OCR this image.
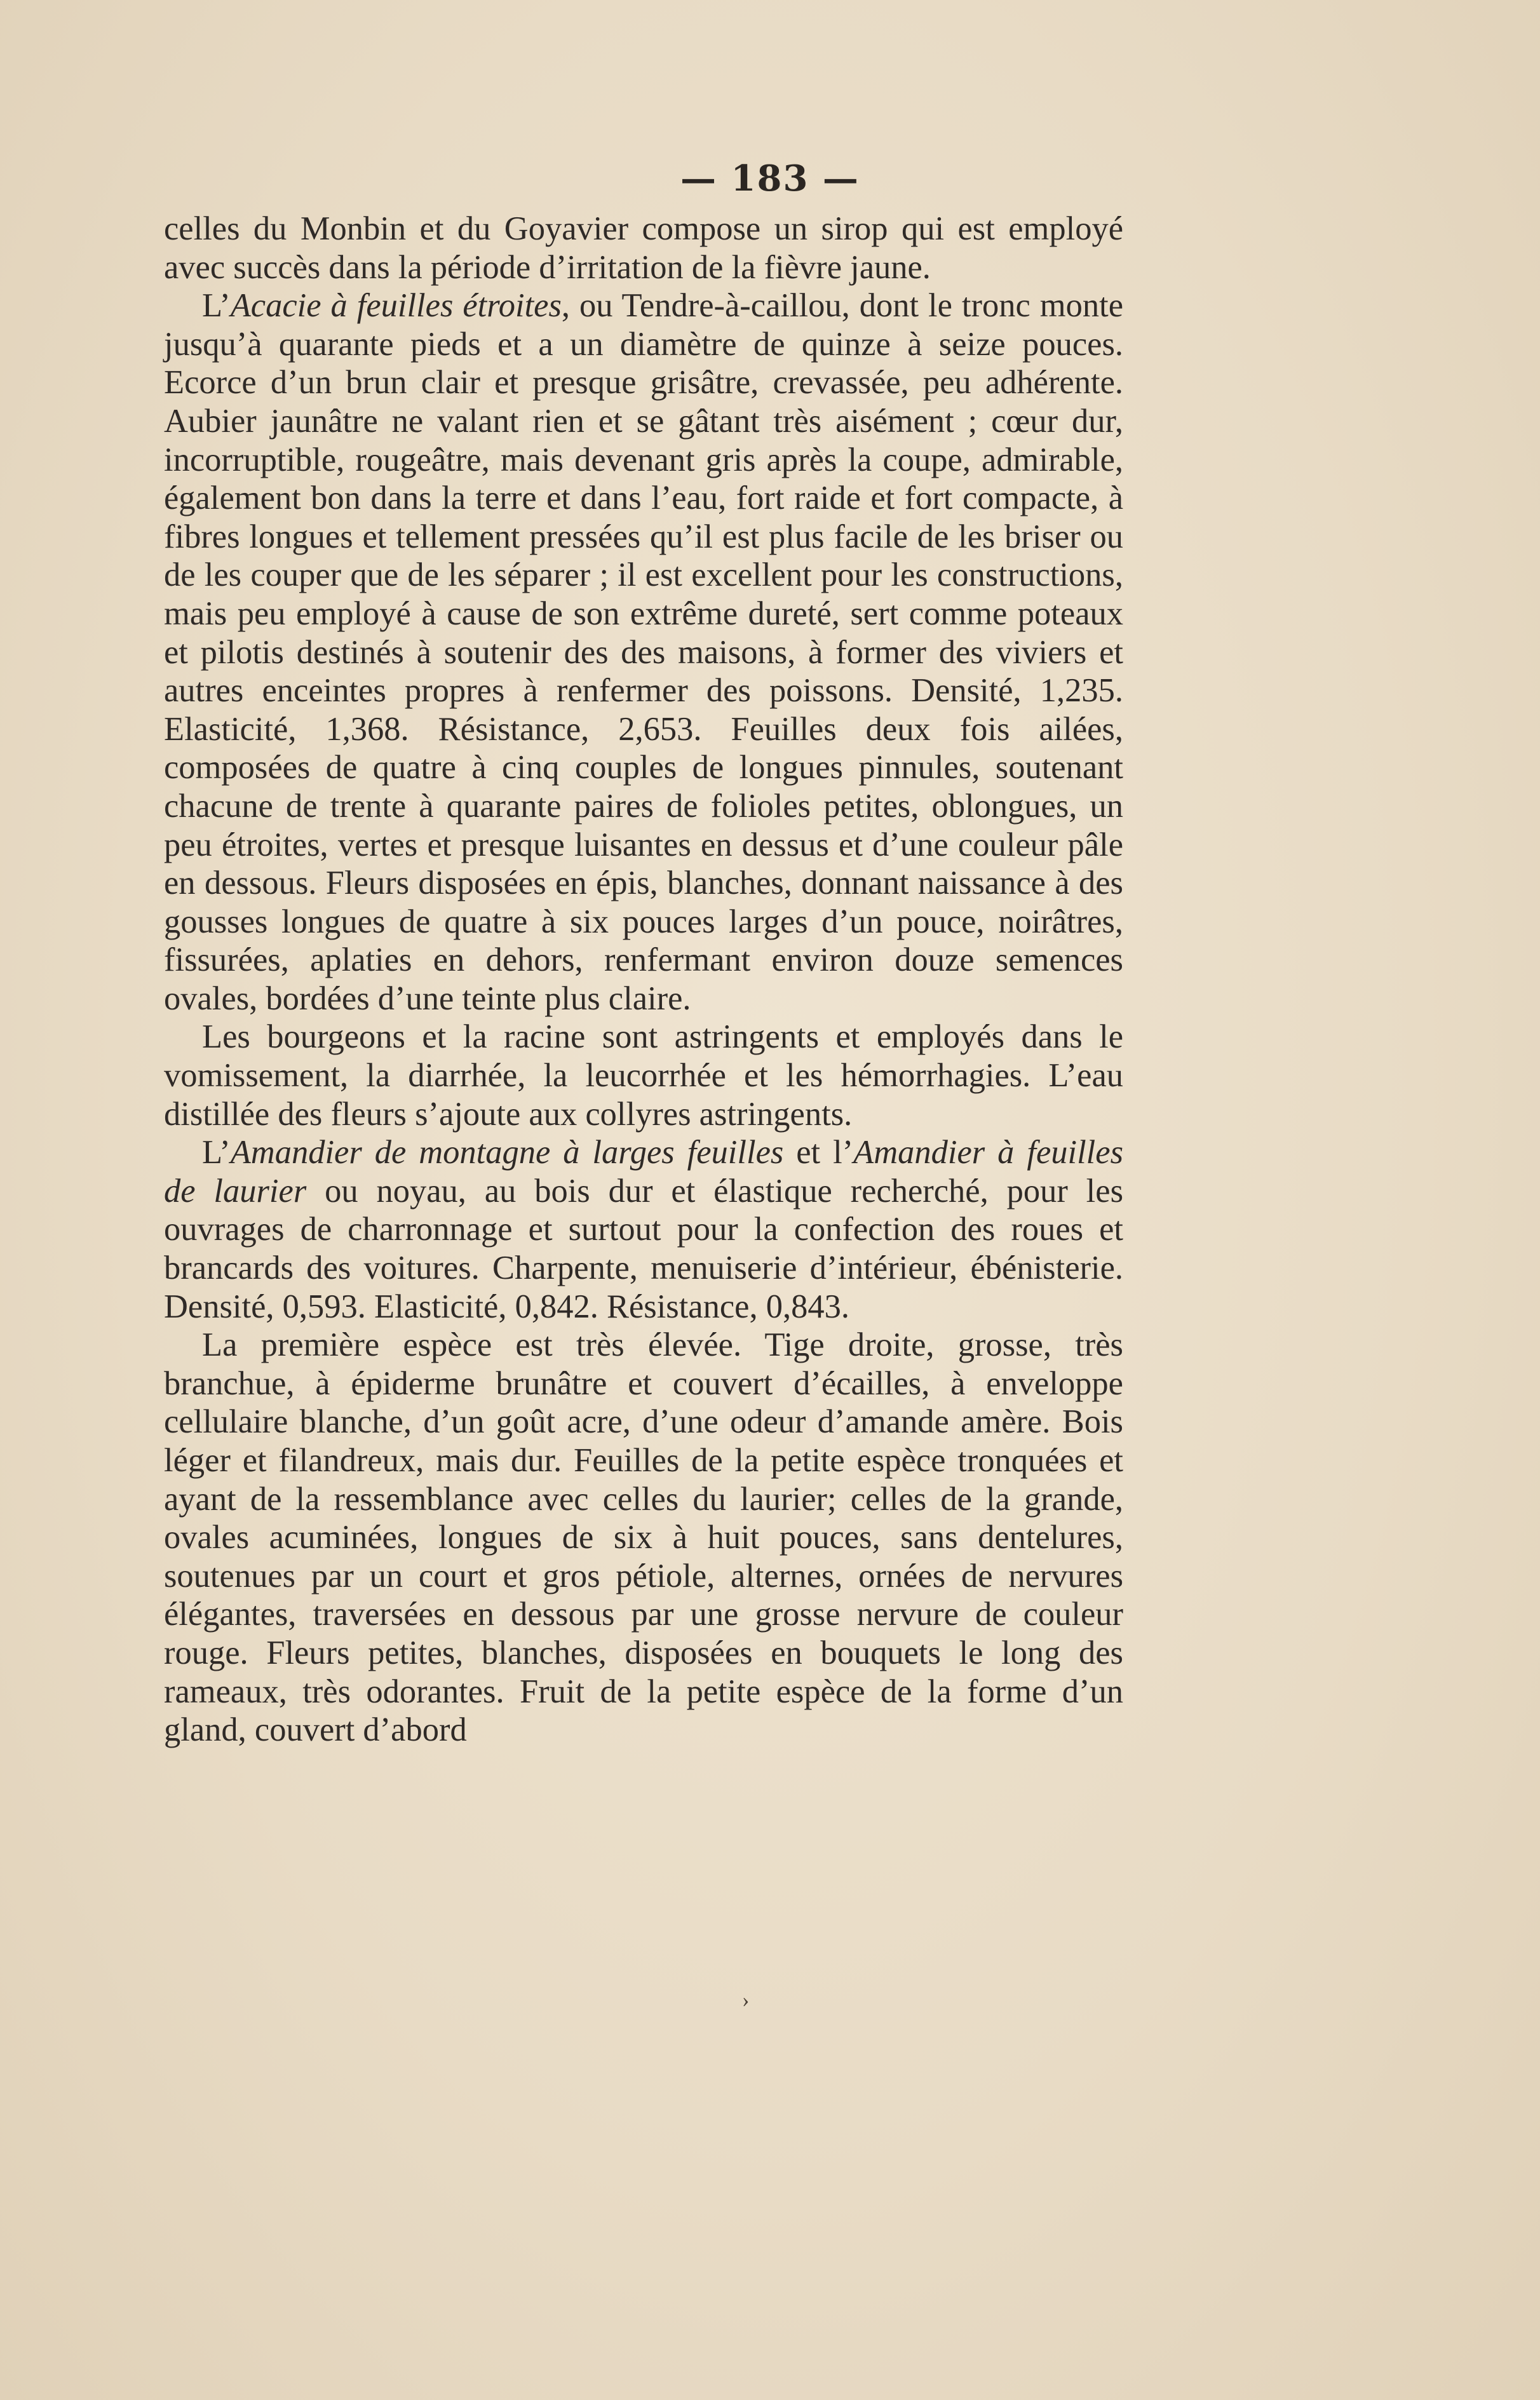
— 183 —

celles du Monbin et du Goyavier compose un sirop qui est employé avec succès dans la période d’irritation de la fièvre jaune.

L’Acacie à feuilles étroites, ou Tendre-à-caillou, dont le tronc monte jusqu’à quarante pieds et a un diamètre de quinze à seize pouces. Ecorce d’un brun clair et presque grisâtre, crevassée, peu adhérente. Aubier jaunâtre ne valant rien et se gâtant très aisément ; cœur dur, incorruptible, rougeâtre, mais devenant gris après la coupe, admirable, également bon dans la terre et dans l’eau, fort raide et fort compacte, à fibres longues et tellement pressées qu’il est plus facile de les briser ou de les couper que de les séparer ; il est excellent pour les constructions, mais peu employé à cause de son extrême dureté, sert comme poteaux et pilotis destinés à soutenir des des maisons, à former des viviers et autres enceintes propres à renfermer des poissons. Densité, 1,235. Elasticité, 1,368. Résistance, 2,653. Feuilles deux fois ailées, composées de quatre à cinq couples de longues pinnules, soutenant chacune de trente à quarante paires de folioles petites, oblongues, un peu étroites, vertes et presque luisantes en dessus et d’une couleur pâle en dessous. Fleurs disposées en épis, blanches, donnant naissance à des gousses longues de quatre à six pouces larges d’un pouce, noirâtres, fissurées, aplaties en dehors, renfermant environ douze semences ovales, bordées d’une teinte plus claire.

Les bourgeons et la racine sont astringents et employés dans le vomissement, la diarrhée, la leucorrhée et les hémorrhagies. L’eau distillée des fleurs s’ajoute aux collyres astringents.

L’Amandier de montagne à larges feuilles et l’Amandier à feuilles de laurier ou noyau, au bois dur et élastique recherché, pour les ouvrages de charronnage et surtout pour la confection des roues et brancards des voitures. Charpente, menuiserie d’intérieur, ébénisterie. Densité, 0,593. Elasticité, 0,842. Résistance, 0,843.

La première espèce est très élevée. Tige droite, grosse, très branchue, à épiderme brunâtre et couvert d’écailles, à enveloppe cellulaire blanche, d’un goût acre, d’une odeur d’amande amère. Bois léger et filandreux, mais dur. Feuilles de la petite espèce tronquées et ayant de la ressemblance avec celles du laurier; celles de la grande, ovales acuminées, longues de six à huit pouces, sans dentelures, soutenues par un court et gros pétiole, alternes, ornées de nervures élégantes, traversées en dessous par une grosse nervure de couleur rouge. Fleurs petites, blanches, disposées en bouquets le long des rameaux, très odorantes. Fruit de la petite espèce de la forme d’un gland, couvert d’abord

›
